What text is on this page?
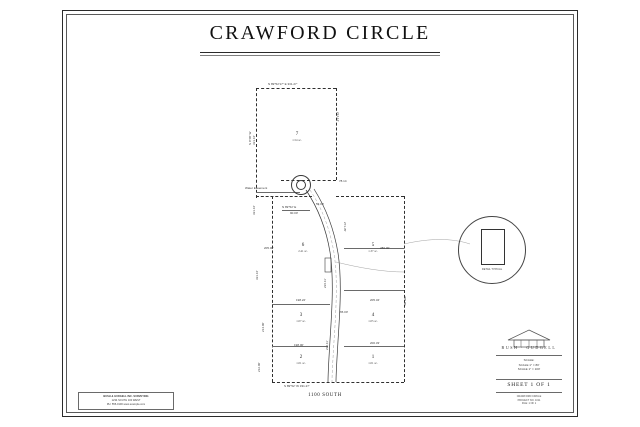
CRAWFORD CIRCLE
7
1.54 ac.
6
2.41 ac.
5
1.37 ac.
4
1.05 ac.
3
1.07 ac.
2
1.01 ac.
1
1.01 ac.
N 89°52'17" E 331.27'
331.16'
S 0°08' W
214.14'
78.14
Water Easement
331.16'	90.00'
52.04'
N 89°52' E
271.35'
205.00'
331.16'
280.00'
236.11'
198.22'	205.34'
65.00'
214.00'
212.00'
200.33'
198.00'	236.11'
205.00'
S 89°52' W 331.27'
DETAIL TYPICAL
1100 SOUTH
BUSH & GUDGELL INC. SURVEYING
1234 SOUTH 100 WEST
PH: 555-0100 www.example.com
BUSH · GUDGELL
SCALE:
SCALE 1" = 80'
SCALE 1" = 100'
SHEET 1 OF 1
CRAWFORD CIRCLE
PROJECT NO. 1011
FILE: 1 OF 1
